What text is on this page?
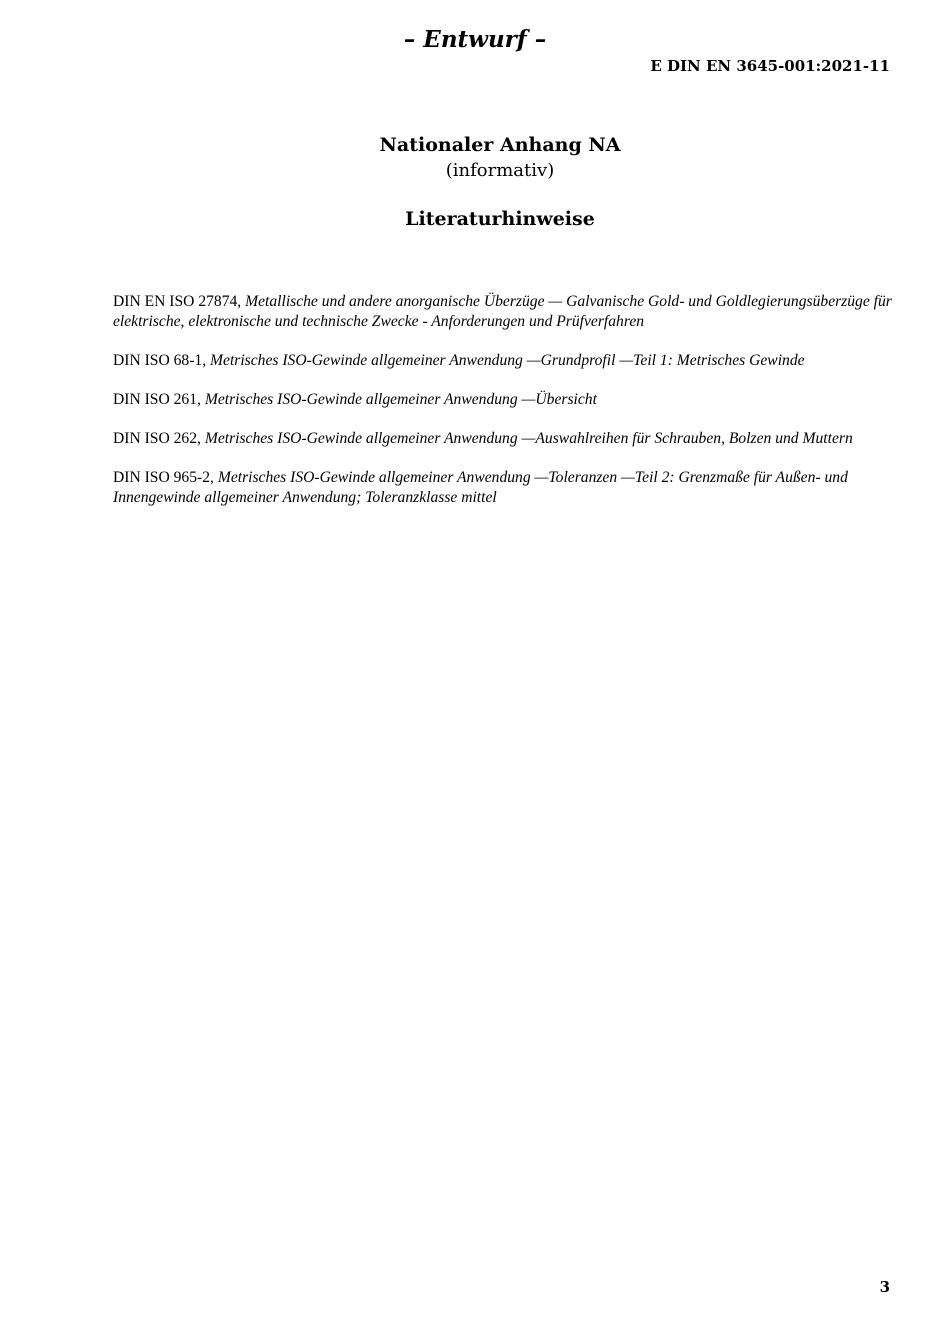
– Entwurf –
E DIN EN 3645-001:2021-11
Nationaler Anhang NA
(informativ)
Literaturhinweise

DIN EN ISO 27874, Metallische und andere anorganische Überzüge — Galvanische Gold- und Goldlegierungsüberzüge für elektrische, elektronische und technische Zwecke - Anforderungen und Prüfverfahren

DIN ISO 68-1, Metrisches ISO-Gewinde allgemeiner Anwendung —Grundprofil —Teil 1: Metrisches Gewinde

DIN ISO 261, Metrisches ISO-Gewinde allgemeiner Anwendung —Übersicht

DIN ISO 262, Metrisches ISO-Gewinde allgemeiner Anwendung —Auswahlreihen für Schrauben, Bolzen und Muttern

DIN ISO 965-2, Metrisches ISO-Gewinde allgemeiner Anwendung —Toleranzen —Teil 2: Grenzmaße für Außen- und Innengewinde allgemeiner Anwendung; Toleranzklasse mittel

3
